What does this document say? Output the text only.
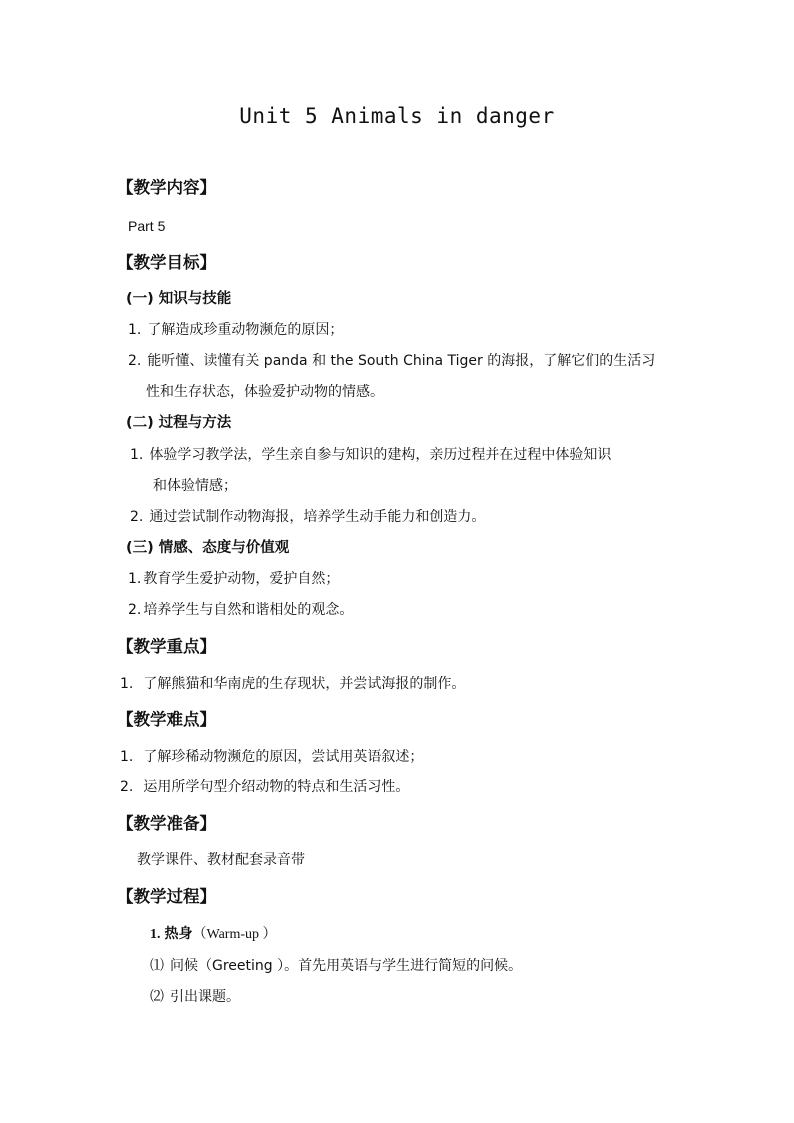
Unit 5 Animals in danger
【教学内容】
Part 5
【教学目标】
(一) 知识与技能
1. 了解造成珍重动物濒危的原因；
2. 能听懂、读懂有关 panda 和 the South China Tiger 的海报，了解它们的生活习
性和生存状态，体验爱护动物的情感。
(二) 过程与方法
1. 体验学习教学法，学生亲自参与知识的建构，亲历过程并在过程中体验知识
和体验情感；
2. 通过尝试制作动物海报，培养学生动手能力和创造力。
(三) 情感、态度与价值观
1. 教育学生爱护动物，爱护自然；
2. 培养学生与自然和谐相处的观念。
【教学重点】
1. 了解熊猫和华南虎的生存现状，并尝试海报的制作。
【教学难点】
1. 了解珍稀动物濒危的原因，尝试用英语叙述；
2. 运用所学句型介绍动物的特点和生活习性。
【教学准备】
教学课件、教材配套录音带
【教学过程】
1. 热身（Warm-up ）
⑴ 问候（Greeting ）。首先用英语与学生进行简短的问候。
⑵ 引出课题。
